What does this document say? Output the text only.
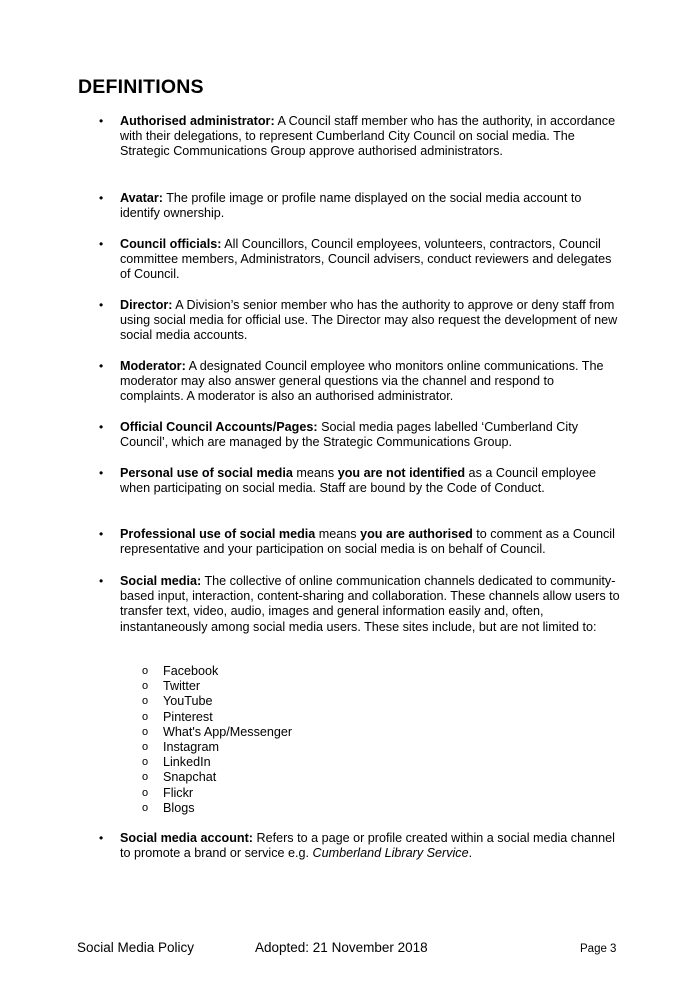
DEFINITIONS
• Authorised administrator: A Council staff member who has the authority, in accordance with their delegations, to represent Cumberland City Council on social media. The Strategic Communications Group approve authorised administrators.
• Avatar: The profile image or profile name displayed on the social media account to identify ownership.
• Council officials: All Councillors, Council employees, volunteers, contractors, Council committee members, Administrators, Council advisers, conduct reviewers and delegates of Council.
• Director: A Division’s senior member who has the authority to approve or deny staff from using social media for official use. The Director may also request the development of new social media accounts.
• Moderator: A designated Council employee who monitors online communications. The moderator may also answer general questions via the channel and respond to complaints. A moderator is also an authorised administrator.
• Official Council Accounts/Pages: Social media pages labelled ‘Cumberland City Council’, which are managed by the Strategic Communications Group.
• Personal use of social media means you are not identified as a Council employee when participating on social media. Staff are bound by the Code of Conduct.
• Professional use of social media means you are authorised to comment as a Council representative and your participation on social media is on behalf of Council.
• Social media: The collective of online communication channels dedicated to community-based input, interaction, content-sharing and collaboration. These channels allow users to transfer text, video, audio, images and general information easily and, often, instantaneously among social media users. These sites include, but are not limited to:
• Social media account: Refers to a page or profile created within a social media channel to promote a brand or service e.g. Cumberland Library Service.
o Facebook
o Twitter
o YouTube
o Pinterest
o What's App/Messenger
o Instagram
o LinkedIn
o Snapchat
o Flickr
o Blogs
Social Media Policy	Adopted: 21 November 2018	Page 3
